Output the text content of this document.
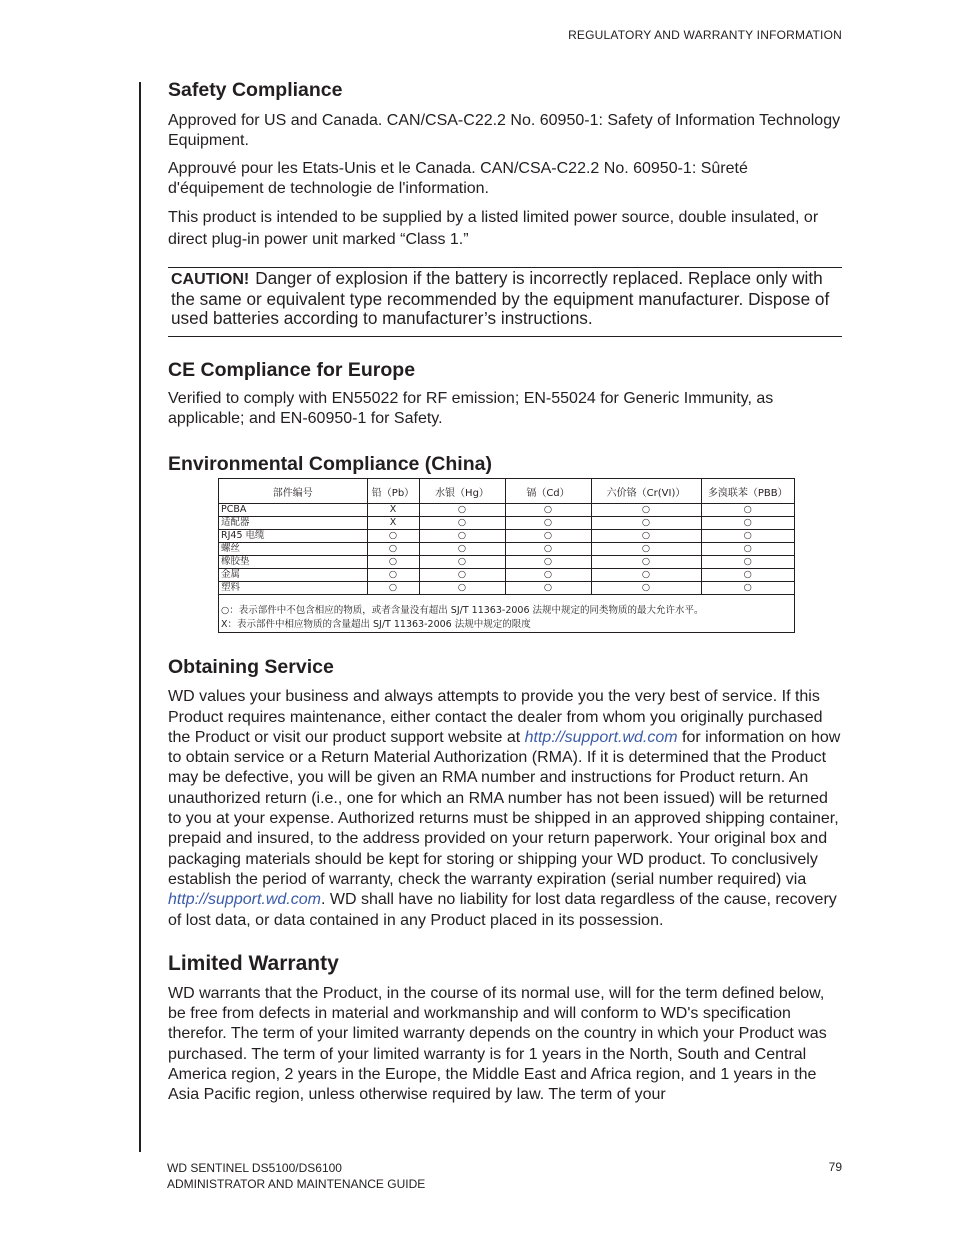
REGULATORY AND WARRANTY INFORMATION
Safety Compliance

Approved for US and Canada. CAN/CSA-C22.2 No. 60950-1: Safety of Information Technology Equipment.

Approuvé pour les Etats-Unis et le Canada. CAN/CSA-C22.2 No. 60950-1: Sûreté d'équipement de technologie de l'information.

This product is intended to be supplied by a listed limited power source, double insulated, or direct plug-in power unit marked “Class 1.”

CAUTION! Danger of explosion if the battery is incorrectly replaced. Replace only with the same or equivalent type recommended by the equipment manufacturer. Dispose of used batteries according to manufacturer’s instructions.
CE Compliance for Europe

Verified to comply with EN55022 for RF emission; EN-55024 for Generic Immunity, as applicable; and EN-60950-1 for Safety.

Environmental Compliance (China)
部件编号	铅（Pb）	水银（Hg）	镉（Cd）	六价铬（Cr(VI)）	多溴联苯（PBB）
PCBA	X	○	○	○	○
适配器	X	○	○	○	○
RJ45 电缆	○	○	○	○	○
螺丝	○	○	○	○	○
橡胶垫	○	○	○	○	○
金属	○	○	○	○	○
塑料	○	○	○	○	○
○：表示部件中不包含相应的物质，或者含量没有超出 SJ/T 11363-2006 法规中规定的同类物质的最大允许水平。
X：表示部件中相应物质的含量超出 SJ/T 11363-2006 法规中规定的限度
Obtaining Service

WD values your business and always attempts to provide you the very best of service. If this Product requires maintenance, either contact the dealer from whom you originally purchased the Product or visit our product support website at http://support.wd.com for information on how to obtain service or a Return Material Authorization (RMA). If it is determined that the Product may be defective, you will be given an RMA number and instructions for Product return. An unauthorized return (i.e., one for which an RMA number has not been issued) will be returned to you at your expense. Authorized returns must be shipped in an approved shipping container, prepaid and insured, to the address provided on your return paperwork. Your original box and packaging materials should be kept for storing or shipping your WD product. To conclusively establish the period of warranty, check the warranty expiration (serial number required) via http://support.wd.com. WD shall have no liability for lost data regardless of the cause, recovery of lost data, or data contained in any Product placed in its possession.

Limited Warranty

WD warrants that the Product, in the course of its normal use, will for the term defined below, be free from defects in material and workmanship and will conform to WD's specification therefor. The term of your limited warranty depends on the country in which your Product was purchased. The term of your limited warranty is for 1 years in the North, South and Central America region, 2 years in the Europe, the Middle East and Africa region, and 1 years in the Asia Pacific region, unless otherwise required by law. The term of your

WD SENTINEL DS5100/DS6100
ADMINISTRATOR AND MAINTENANCE GUIDE
79
